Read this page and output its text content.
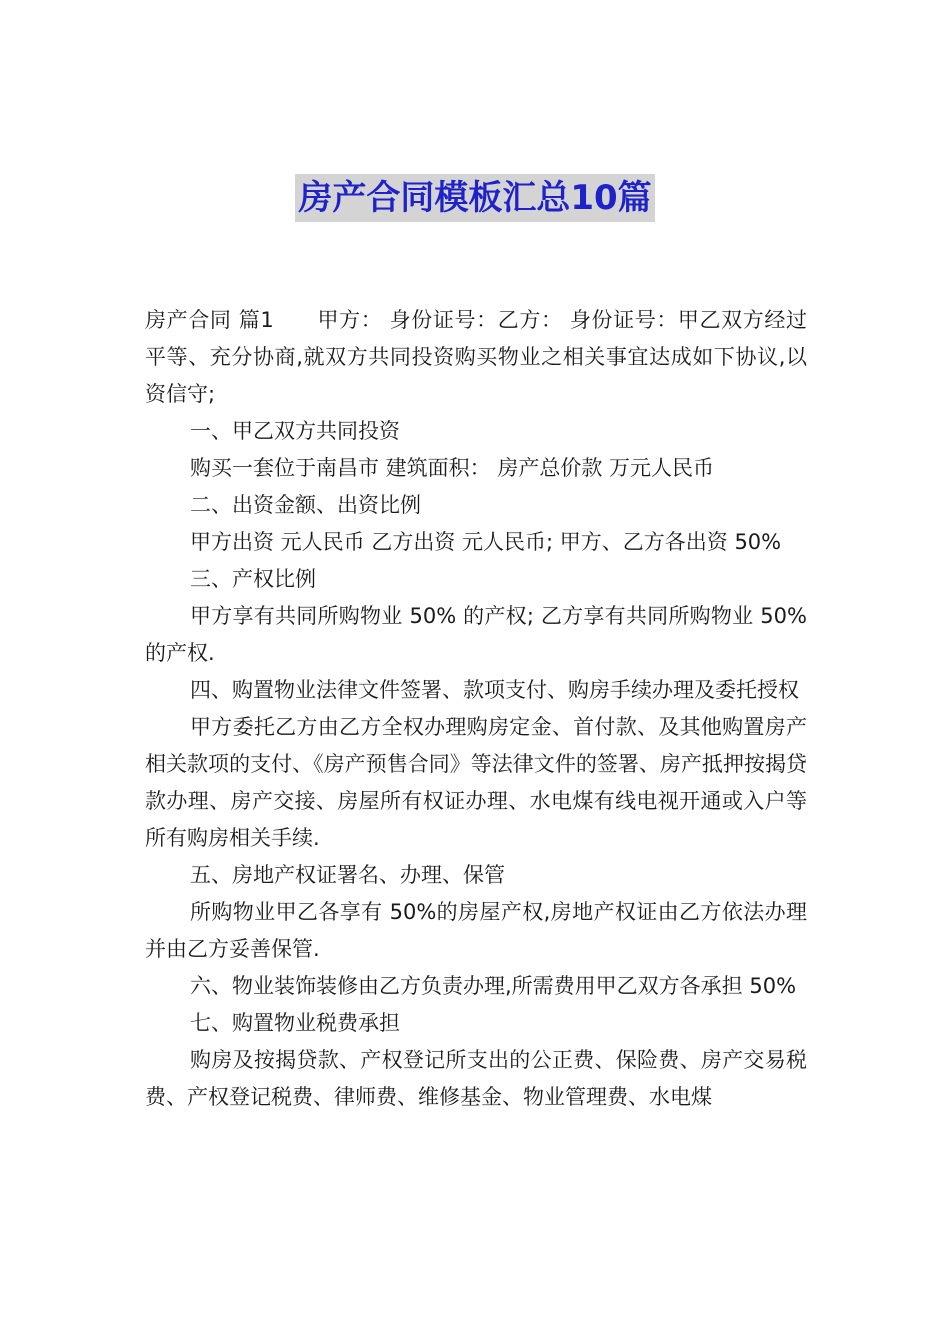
房产合同模板汇总10篇

房产合同 篇1　　甲方： 身份证号：乙方： 身份证号：甲乙双方经过平等、充分协商,就双方共同投资购买物业之相关事宜达成如下协议,以资信守;

一、甲乙双方共同投资

购买一套位于南昌市 建筑面积： 房产总价款 万元人民币

二、出资金额、出资比例

甲方出资 元人民币 乙方出资 元人民币; 甲方、乙方各出资 50%

三、产权比例

甲方享有共同所购物业 50% 的产权; 乙方享有共同所购物业 50% 的产权.

四、购置物业法律文件签署、款项支付、购房手续办理及委托授权

甲方委托乙方由乙方全权办理购房定金、首付款、及其他购置房产相关款项的支付、《房产预售合同》等法律文件的签署、房产抵押按揭贷款办理、房产交接、房屋所有权证办理、水电煤有线电视开通或入户等所有购房相关手续.

五、房地产权证署名、办理、保管

所购物业甲乙各享有 50%的房屋产权,房地产权证由乙方依法办理并由乙方妥善保管.

六、物业装饰装修由乙方负责办理,所需费用甲乙双方各承担 50%

七、购置物业税费承担

购房及按揭贷款、产权登记所支出的公正费、保险费、房产交易税费、产权登记税费、律师费、维修基金、物业管理费、水电煤
